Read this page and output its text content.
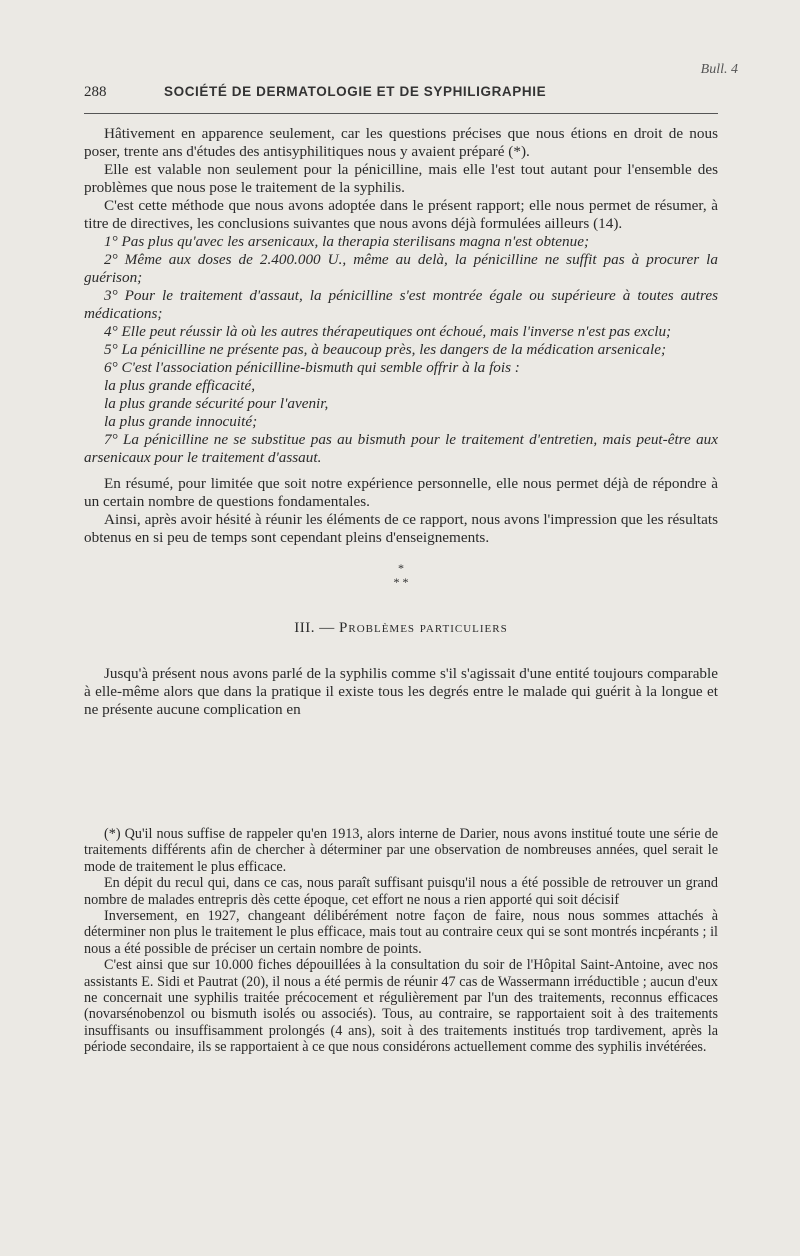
Bull. 4
288	SOCIÉTÉ DE DERMATOLOGIE ET DE SYPHILIGRAPHIE

Hâtivement en apparence seulement, car les questions précises que nous étions en droit de nous poser, trente ans d'études des antisyphilitiques nous y avaient préparé (*).

Elle est valable non seulement pour la pénicilline, mais elle l'est tout autant pour l'ensemble des problèmes que nous pose le traitement de la syphilis.

C'est cette méthode que nous avons adoptée dans le présent rapport; elle nous permet de résumer, à titre de directives, les conclusions suivantes que nous avons déjà formulées ailleurs (14).

1° Pas plus qu'avec les arsenicaux, la therapia sterilisans magna n'est obtenue;

2° Même aux doses de 2.400.000 U., même au delà, la pénicilline ne suffit pas à procurer la guérison;

3° Pour le traitement d'assaut, la pénicilline s'est montrée égale ou supérieure à toutes autres médications;

4° Elle peut réussir là où les autres thérapeutiques ont échoué, mais l'inverse n'est pas exclu;

5° La pénicilline ne présente pas, à beaucoup près, les dangers de la médication arsenicale;

6° C'est l'association pénicilline-bismuth qui semble offrir à la fois :

la plus grande efficacité,

la plus grande sécurité pour l'avenir,

la plus grande innocuité;

7° La pénicilline ne se substitue pas au bismuth pour le traitement d'entretien, mais peut-être aux arsenicaux pour le traitement d'assaut.

En résumé, pour limitée que soit notre expérience personnelle, elle nous permet déjà de répondre à un certain nombre de questions fondamentales.

Ainsi, après avoir hésité à réunir les éléments de ce rapport, nous avons l'impression que les résultats obtenus en si peu de temps sont cependant pleins d'enseignements.

*
* *
III. — Problèmes particuliers

Jusqu'à présent nous avons parlé de la syphilis comme s'il s'agissait d'une entité toujours comparable à elle-même alors que dans la pratique il existe tous les degrés entre le malade qui guérit à la longue et ne présente aucune complication en

(*) Qu'il nous suffise de rappeler qu'en 1913, alors interne de Darier, nous avons institué toute une série de traitements différents afin de chercher à déterminer par une observation de nombreuses années, quel serait le mode de traitement le plus efficace.

En dépit du recul qui, dans ce cas, nous paraît suffisant puisqu'il nous a été possible de retrouver un grand nombre de malades entrepris dès cette époque, cet effort ne nous a rien apporté qui soit décisif

Inversement, en 1927, changeant délibérément notre façon de faire, nous nous sommes attachés à déterminer non plus le traitement le plus efficace, mais tout au contraire ceux qui se sont montrés incpérants ; il nous a été possible de préciser un certain nombre de points.

C'est ainsi que sur 10.000 fiches dépouillées à la consultation du soir de l'Hôpital Saint-Antoine, avec nos assistants E. Sidi et Pautrat (20), il nous a été permis de réunir 47 cas de Wassermann irréductible ; aucun d'eux ne concernait une syphilis traitée précocement et régulièrement par l'un des traitements, reconnus efficaces (novarsénobenzol ou bismuth isolés ou associés). Tous, au contraire, se rapportaient soit à des traitements insuffisants ou insuffisamment prolongés (4 ans), soit à des traitements institués trop tardivement, après la période secondaire, ils se rapportaient à ce que nous considérons actuellement comme des syphilis invétérées.
